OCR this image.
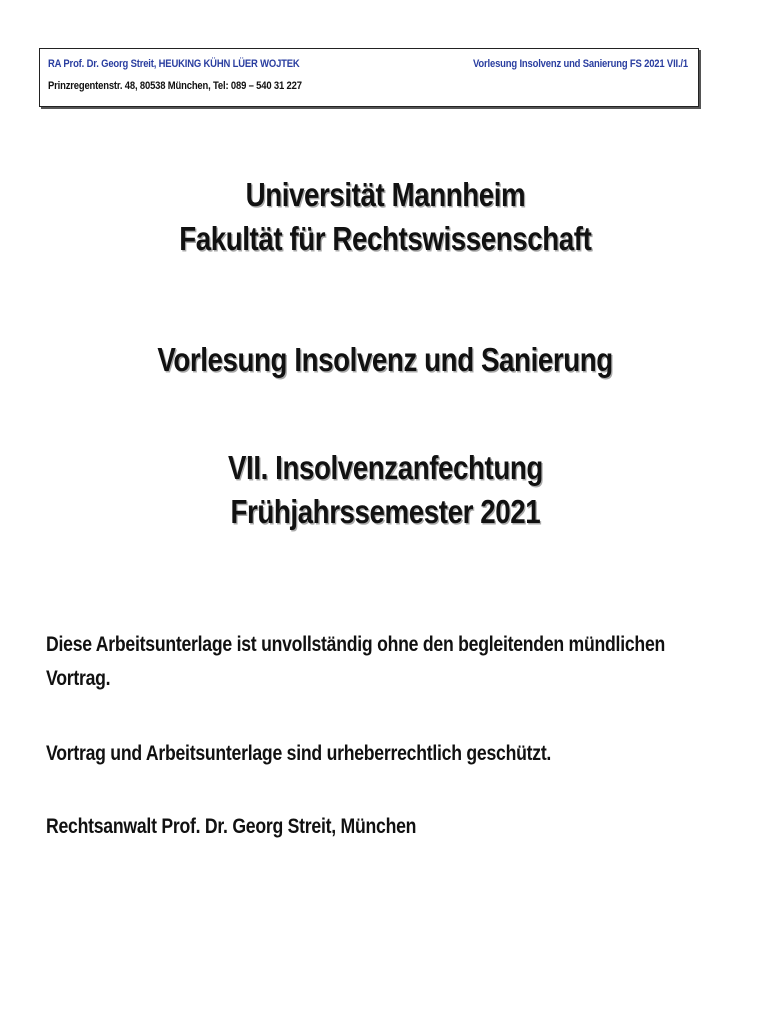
RA Prof. Dr. Georg Streit, HEUKING KÜHN LÜER WOJTEK
Prinzregentenstr. 48, 80538 München, Tel: 089 – 540 31 227
Vorlesung Insolvenz und Sanierung FS 2021 VII./1
Universität Mannheim
Fakultät für Rechtswissenschaft
Vorlesung Insolvenz und Sanierung
VII. Insolvenzanfechtung
Frühjahrssemester 2021
Diese Arbeitsunterlage ist unvollständig ohne den begleitenden mündlichen
Vortrag.
Vortrag und Arbeitsunterlage sind urheberrechtlich geschützt.
Rechtsanwalt Prof. Dr. Georg Streit, München
